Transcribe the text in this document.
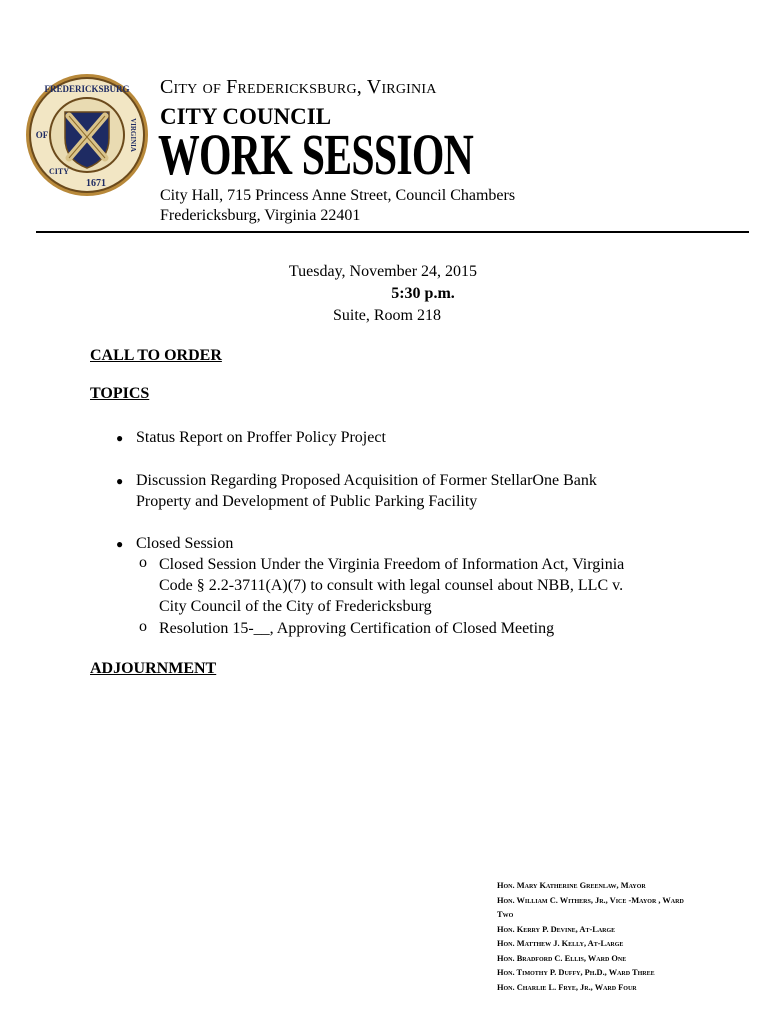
FREDERICKSBURG
OF	VIRGINIA
CITY
1671
City of Fredericksburg, Virginia
CITY COUNCIL
WORK SESSION
City Hall, 715 Princess Anne Street, Council Chambers
Fredericksburg, Virginia 22401
Tuesday, November 24, 2015
5:30 p.m.
Suite, Room 218
CALL TO ORDER
TOPICS
● Status Report on Proffer Policy Project
● Discussion Regarding Proposed Acquisition of Former StellarOne Bank
Property and Development of Public Parking Facility
● Closed Session
o Closed Session Under the Virginia Freedom of Information Act, Virginia
Code § 2.2-3711(A)(7) to consult with legal counsel about NBB, LLC v.
City Council of the City of Fredericksburg
o Resolution 15-__, Approving Certification of Closed Meeting
ADJOURNMENT
Hon. Mary Katherine Greenlaw, Mayor
Hon. William C. Withers, Jr., Vice -Mayor , Ward
Two
Hon. Kerry P. Devine, At-Large
Hon. Matthew J. Kelly, At-Large
Hon. Bradford C. Ellis, Ward One
Hon. Timothy P. Duffy, Ph.D., Ward Three
Hon. Charlie L. Frye, Jr., Ward Four
